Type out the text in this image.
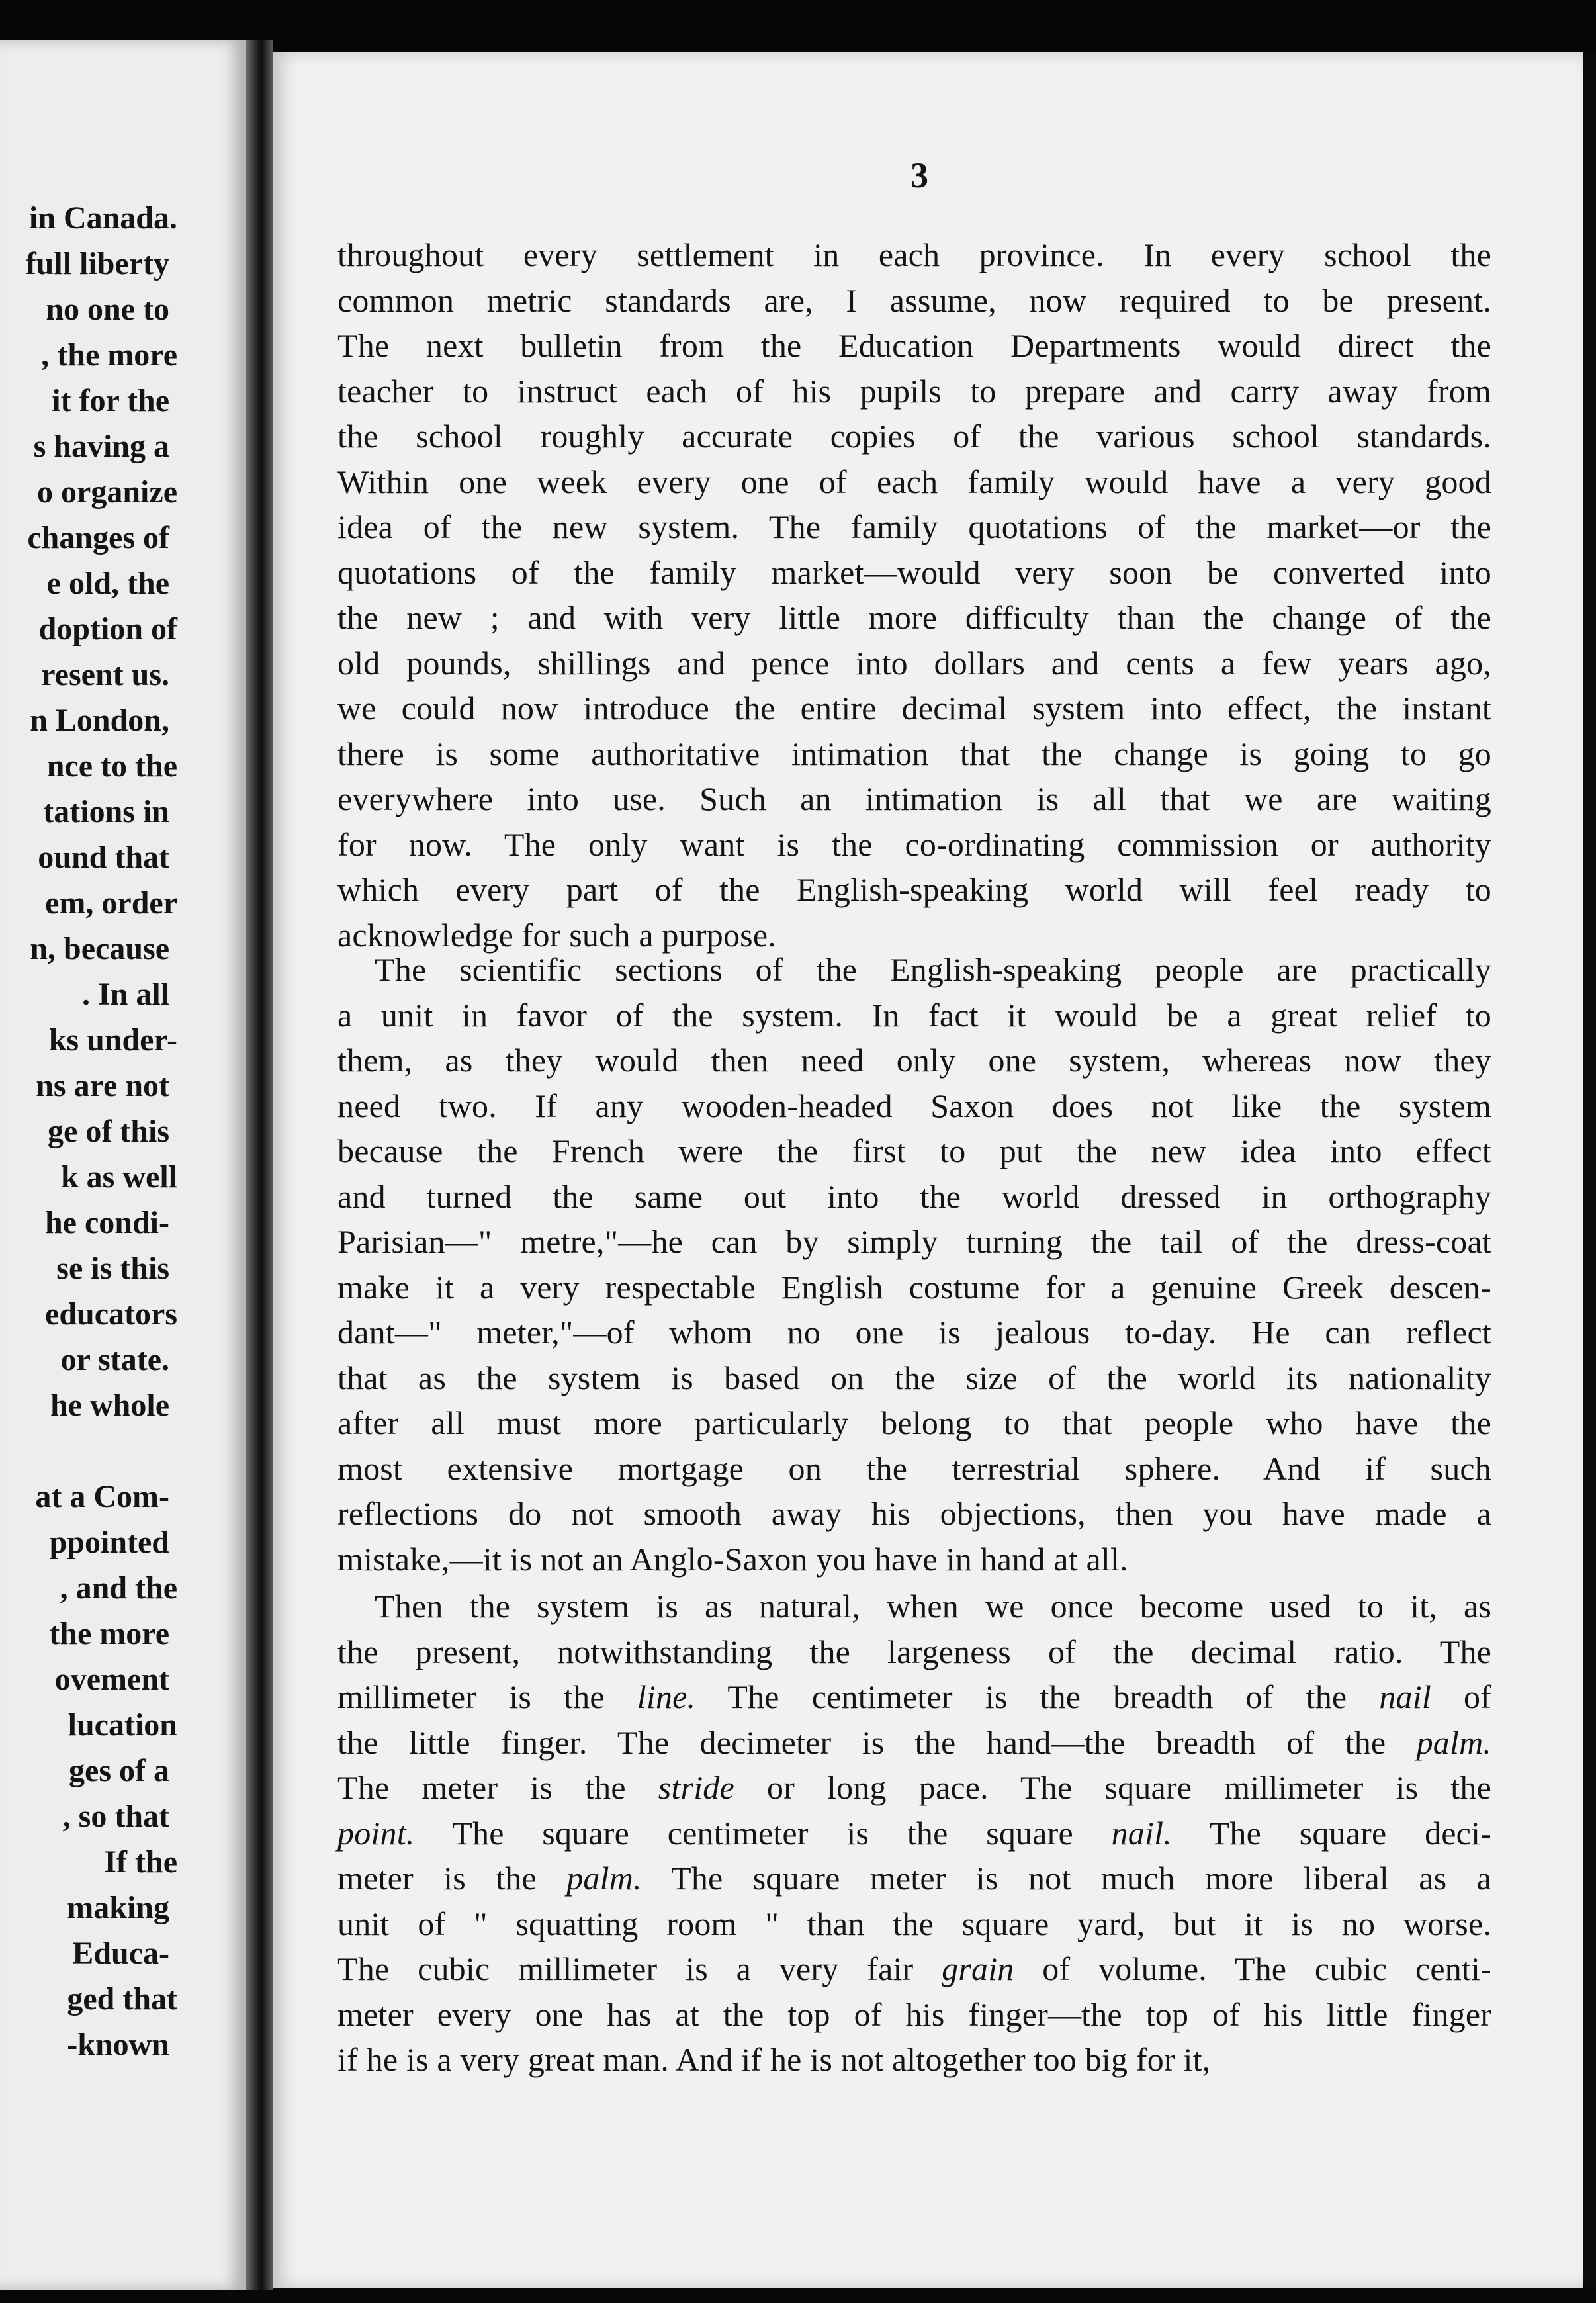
in Canada.
full liberty
no one to
, the more
it for the
s having a
o organize
changes of
e old, the
doption of
resent us.
n London,
nce to the
tations in
ound that
em, order
n, because
. In all
ks under-
ns are not
ge of this
k as well
he condi-
se is this
educators
or state.
he whole
at a Com-
ppointed
, and the
the more
ovement
lucation
ges of a
, so that
If the
making
Educa-
ged that
-known
3
throughout every settlement in each province. In every school the
common metric standards are, I assume, now required to be present.
The next bulletin from the Education Departments would direct the
teacher to instruct each of his pupils to prepare and carry away from
the school roughly accurate copies of the various school standards.
Within one week every one of each family would have a very good
idea of the new system. The family quotations of the market—or the
quotations of the family market—would very soon be converted into
the new ; and with very little more difficulty than the change of the
old pounds, shillings and pence into dollars and cents a few years ago,
we could now introduce the entire decimal system into effect, the instant
there is some authoritative intimation that the change is going to go
everywhere into use. Such an intimation is all that we are waiting
for now. The only want is the co-ordinating commission or authority
which every part of the English-speaking world will feel ready to
acknowledge for such a purpose.
The scientific sections of the English-speaking people are practically
a unit in favor of the system. In fact it would be a great relief to
them, as they would then need only one system, whereas now they
need two. If any wooden-headed Saxon does not like the system
because the French were the first to put the new idea into effect
and turned the same out into the world dressed in orthography
Parisian—" metre,"—he can by simply turning the tail of the dress-coat
make it a very respectable English costume for a genuine Greek descen-
dant—" meter,"—of whom no one is jealous to-day. He can reflect
that as the system is based on the size of the world its nationality
after all must more particularly belong to that people who have the
most extensive mortgage on the terrestrial sphere. And if such
reflections do not smooth away his objections, then you have made a
mistake,—it is not an Anglo-Saxon you have in hand at all.
Then the system is as natural, when we once become used to it, as
the present, notwithstanding the largeness of the decimal ratio. The
millimeter is the line. The centimeter is the breadth of the nail of
the little finger. The decimeter is the hand—the breadth of the palm.
The meter is the stride or long pace. The square millimeter is the
point. The square centimeter is the square nail. The square deci-
meter is the palm. The square meter is not much more liberal as a
unit of " squatting room " than the square yard, but it is no worse.
The cubic millimeter is a very fair grain of volume. The cubic centi-
meter every one has at the top of his finger—the top of his little finger
if he is a very great man. And if he is not altogether too big for it,
